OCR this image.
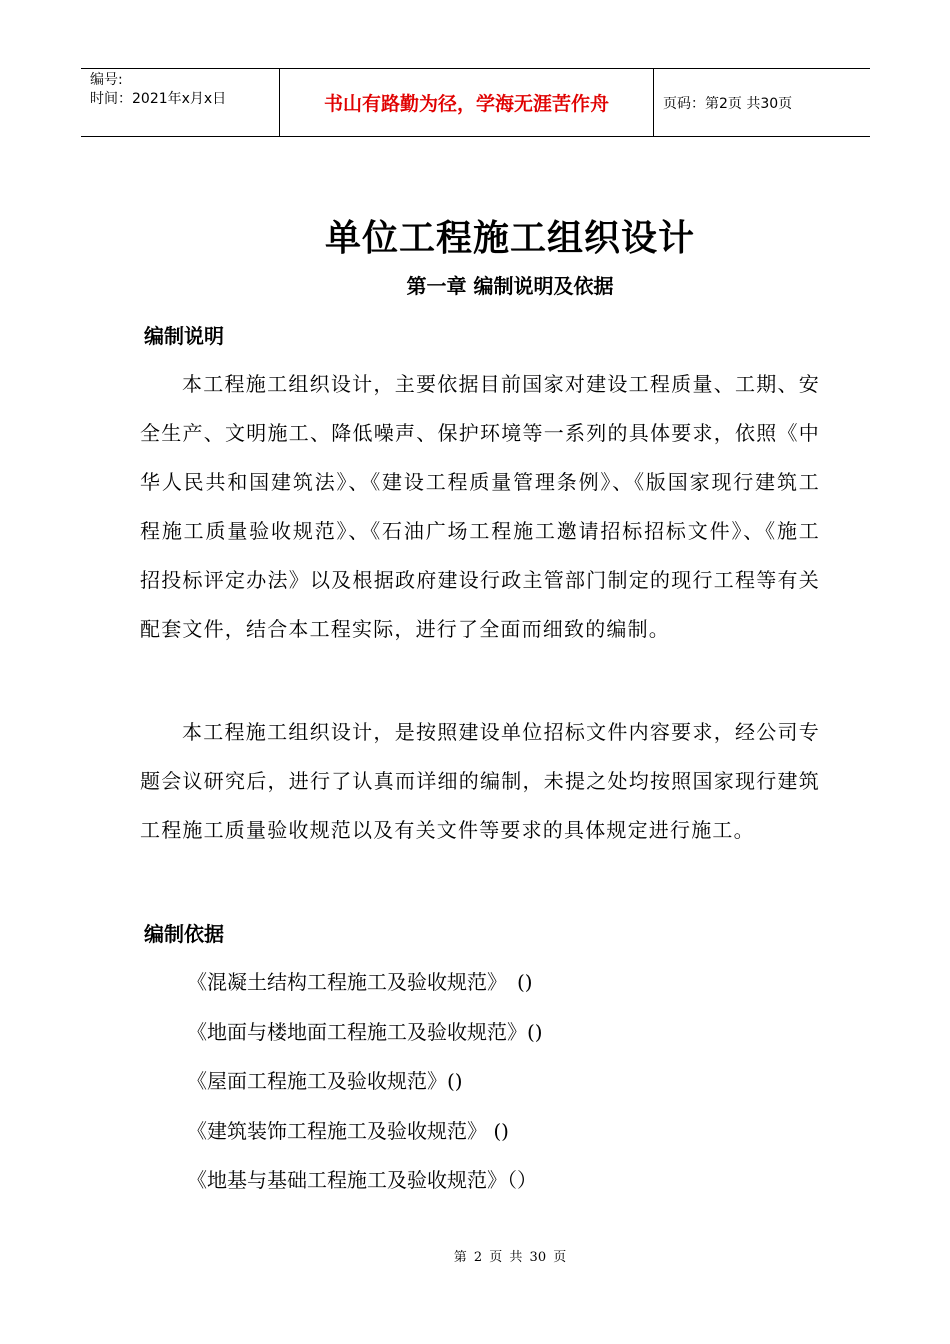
编号:
时间：2021年x月x日	书山有路勤为径，学海无涯苦作舟	页码：第2页 共30页
单位工程施工组织设计
第一章 编制说明及依据
编制说明

本工程施工组织设计，主要依据目前国家对建设工程质量、工期、安全生产、文明施工、降低噪声、保护环境等一系列的具体要求，依照《中华人民共和国建筑法》、《建设工程质量管理条例》、《版国家现行建筑工程施工质量验收规范》、《石油广场工程施工邀请招标招标文件》、《施工招投标评定办法》以及根据政府建设行政主管部门制定的现行工程等有关配套文件，结合本工程实际，进行了全面而细致的编制。

本工程施工组织设计，是按照建设单位招标文件内容要求，经公司专题会议研究后，进行了认真而详细的编制，未提之处均按照国家现行建筑工程施工质量验收规范以及有关文件等要求的具体规定进行施工。

编制依据
《混凝土结构工程施工及验收规范》　()
《地面与楼地面工程施工及验收规范》()
《屋面工程施工及验收规范》()
《建筑装饰工程施工及验收规范》 ()
《地基与基础工程施工及验收规范》（）
第 2 页 共 30 页
